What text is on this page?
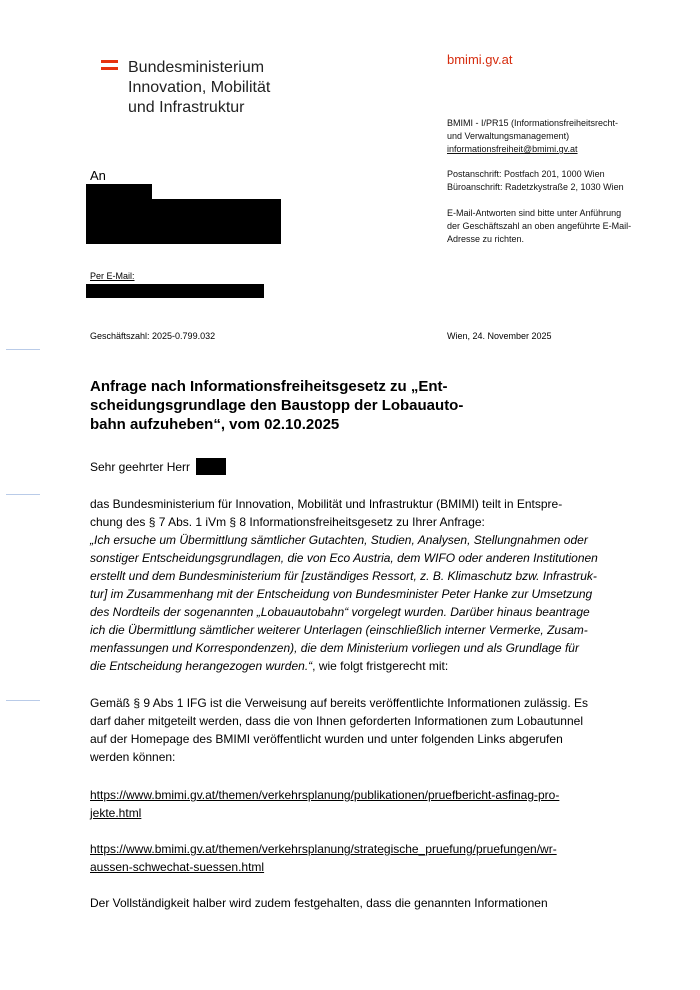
Bundesministerium
Innovation, Mobilität
und Infrastruktur
bmimi.gv.at
BMIMI - I/PR15 (Informationsfreiheitsrecht-
und Verwaltungsmanagement)
informationsfreiheit@bmimi.gv.at
Postanschrift: Postfach 201, 1000 Wien
Büroanschrift: Radetzkystraße 2, 1030 Wien
E-Mail-Antworten sind bitte unter Anführung
der Geschäftszahl an oben angeführte E-Mail-
Adresse zu richten.
An
Per E-Mail:
Geschäftszahl: 2025-0.799.032	Wien, 24. November 2025
Anfrage nach Informationsfreiheitsgesetz zu „Ent-
scheidungsgrundlage den Baustopp der Lobauauto-
bahn aufzuheben“, vom 02.10.2025
Sehr geehrter Herr
das Bundesministerium für Innovation, Mobilität und Infrastruktur (BMIMI) teilt in Entspre-
chung des § 7 Abs. 1 iVm § 8 Informationsfreiheitsgesetz zu Ihrer Anfrage:
„Ich ersuche um Übermittlung sämtlicher Gutachten, Studien, Analysen, Stellungnahmen oder
sonstiger Entscheidungsgrundlagen, die von Eco Austria, dem WIFO oder anderen Institutionen
erstellt und dem Bundesministerium für [zuständiges Ressort, z. B. Klimaschutz bzw. Infrastruk-
tur] im Zusammenhang mit der Entscheidung von Bundesminister Peter Hanke zur Umsetzung
des Nordteils der sogenannten „Lobauautobahn“ vorgelegt wurden. Darüber hinaus beantrage
ich die Übermittlung sämtlicher weiterer Unterlagen (einschließlich interner Vermerke, Zusam-
menfassungen und Korrespondenzen), die dem Ministerium vorliegen und als Grundlage für
die Entscheidung herangezogen wurden.“, wie folgt fristgerecht mit:
Gemäß § 9 Abs 1 IFG ist die Verweisung auf bereits veröffentlichte Informationen zulässig. Es
darf daher mitgeteilt werden, dass die von Ihnen geforderten Informationen zum Lobautunnel
auf der Homepage des BMIMI veröffentlicht wurden und unter folgenden Links abgerufen
werden können:
https://www.bmimi.gv.at/themen/verkehrsplanung/publikationen/pruefbericht-asfinag-pro-
jekte.html
https://www.bmimi.gv.at/themen/verkehrsplanung/strategische_pruefung/pruefungen/wr-
aussen-schwechat-suessen.html
Der Vollständigkeit halber wird zudem festgehalten, dass die genannten Informationen
